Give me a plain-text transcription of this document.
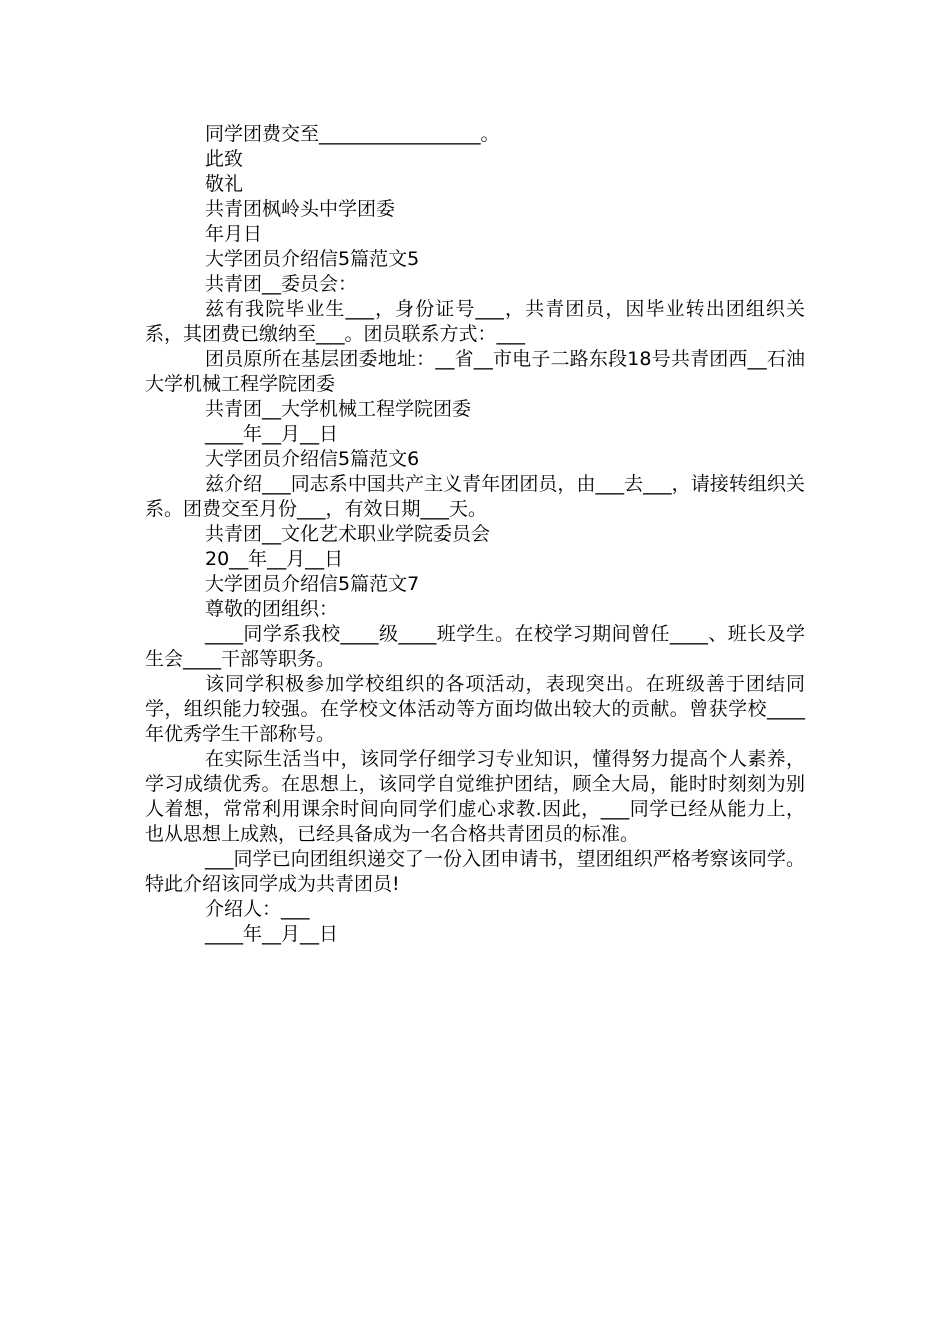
同学团费交至_________________。
此致
敬礼
共青团枫岭头中学团委
年月日
大学团员介绍信5篇范文5
共青团__委员会：
兹有我院毕业生___，身份证号___，共青团员，因毕业转出团组织关系，其团费已缴纳至___。团员联系方式：___
团员原所在基层团委地址：__省__市电子二路东段18号共青团西__石油大学机械工程学院团委
共青团__大学机械工程学院团委
____年__月__日
大学团员介绍信5篇范文6
兹介绍___同志系中国共产主义青年团团员，由___去___，请接转组织关系。团费交至月份___，有效日期___天。
共青团__文化艺术职业学院委员会
20__年__月__日
大学团员介绍信5篇范文7
尊敬的团组织：
____同学系我校____级____班学生。在校学习期间曾任____、班长及学生会____干部等职务。
该同学积极参加学校组织的各项活动，表现突出。在班级善于团结同学，组织能力较强。在学校文体活动等方面均做出较大的贡献。曾获学校____年优秀学生干部称号。
在实际生活当中，该同学仔细学习专业知识，懂得努力提高个人素养，学习成绩优秀。在思想上，该同学自觉维护团结，顾全大局，能时时刻刻为别人着想，常常利用课余时间向同学们虚心求教.因此，___同学已经从能力上，也从思想上成熟，已经具备成为一名合格共青团员的标准。
___同学已向团组织递交了一份入团申请书，望团组织严格考察该同学。特此介绍该同学成为共青团员!
介绍人：___
____年__月__日
